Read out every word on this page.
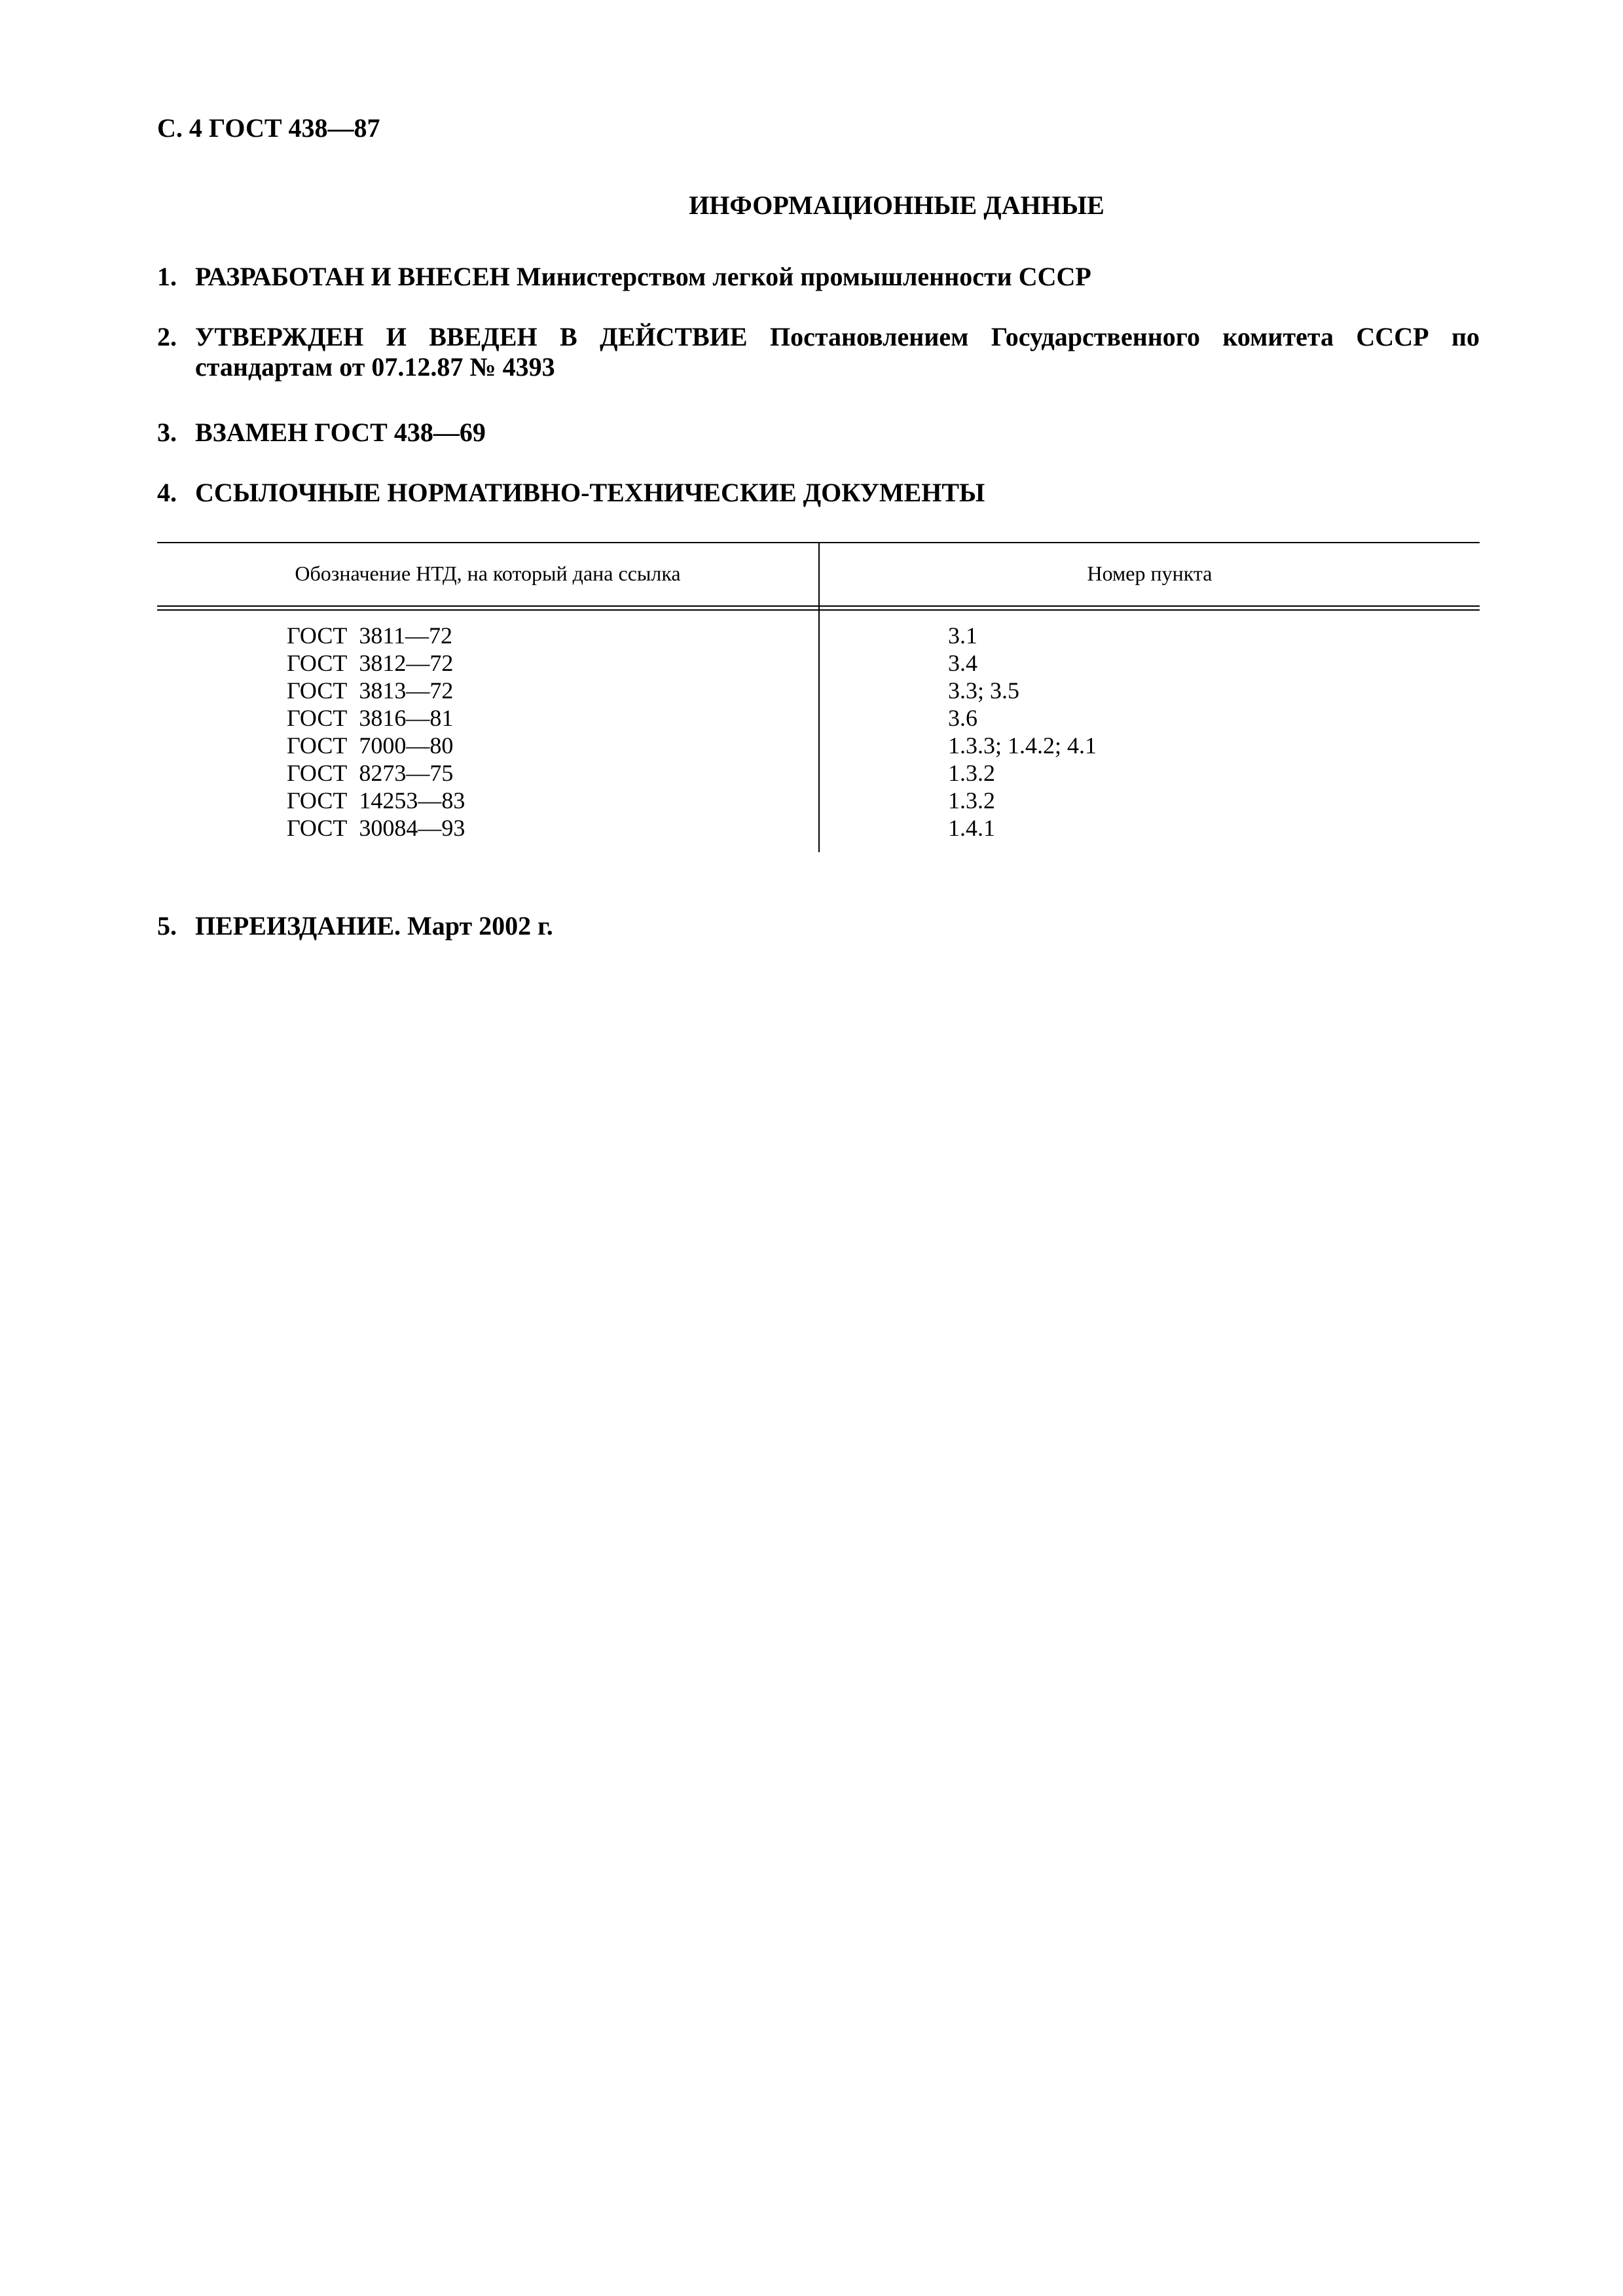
С. 4 ГОСТ 438—87
ИНФОРМАЦИОННЫЕ ДАННЫЕ
1. РАЗРАБОТАН И ВНЕСЕН Министерством легкой промышленности СССР
2. УТВЕРЖДЕН И ВВЕДЕН В ДЕЙСТВИЕ Постановлением Государственного комитета СССР по стандартам от 07.12.87 № 4393
3. ВЗАМЕН ГОСТ 438—69
4. ССЫЛОЧНЫЕ НОРМАТИВНО-ТЕХНИЧЕСКИЕ ДОКУМЕНТЫ
Обозначение НТД, на который дана ссылка	Номер пункта
ГОСТ  3811—72	3.1
ГОСТ  3812—72	3.4
ГОСТ  3813—72	3.3; 3.5
ГОСТ  3816—81	3.6
ГОСТ  7000—80	1.3.3; 1.4.2; 4.1
ГОСТ  8273—75	1.3.2
ГОСТ  14253—83	1.3.2
ГОСТ  30084—93	1.4.1
5. ПЕРЕИЗДАНИЕ. Март 2002 г.
